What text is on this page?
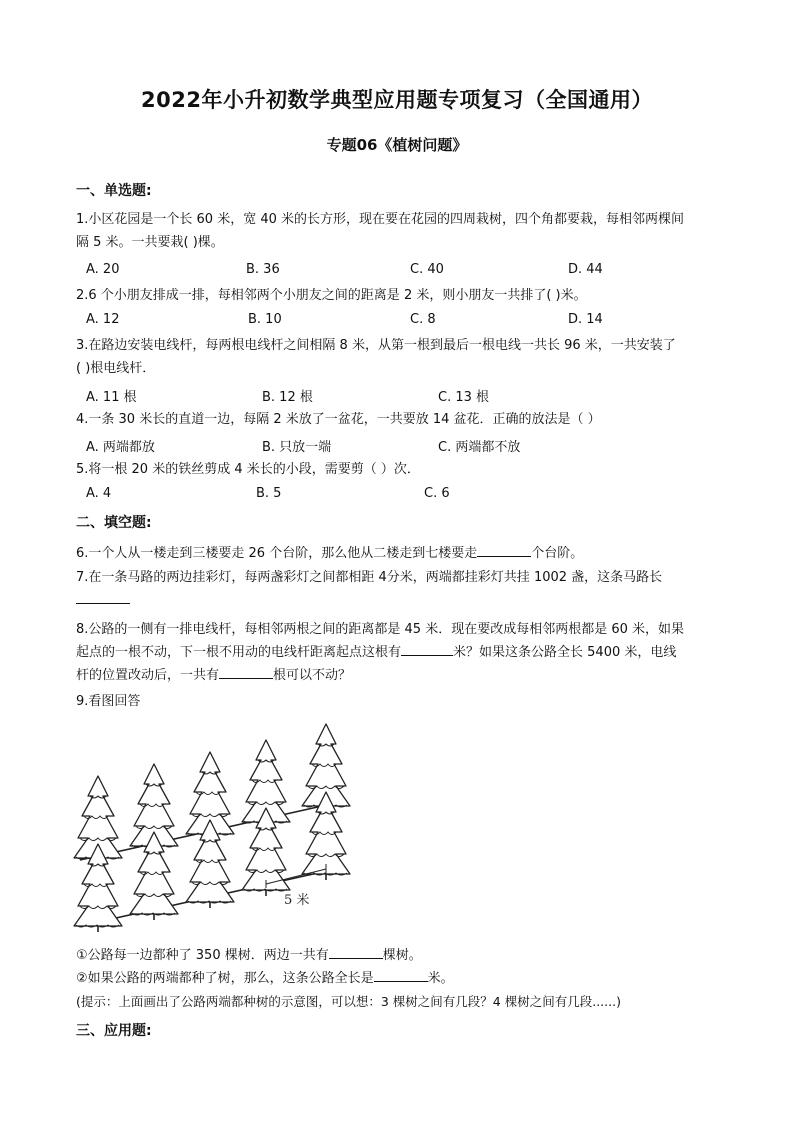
2022年小升初数学典型应用题专项复习（全国通用）
专题06《植树问题》
一、单选题:
1.小区花园是一个长 60 米，宽 40 米的长方形，现在要在花园的四周栽树，四个角都要栽，每相邻两棵间
隔 5 米。一共要栽( )棵。
A. 20	B. 36	C. 40	D. 44
2.6 个小朋友排成一排，每相邻两个小朋友之间的距离是 2 米，则小朋友一共排了( )米。
A. 12	B. 10	C. 8	D. 14
3.在路边安装电线杆，每两根电线杆之间相隔 8 米，从第一根到最后一根电线一共长 96 米，一共安装了
( )根电线杆．
A. 11 根	B. 12 根	C. 13 根
4.一条 30 米长的直道一边，每隔 2 米放了一盆花，一共要放 14 盆花．正确的放法是（ ）
A. 两端都放	B. 只放一端	C. 两端都不放
5.将一根 20 米的铁丝剪成 4 米长的小段，需要剪（ ）次．
A. 4	B. 5	C. 6
二、填空题:
6.一个人从一楼走到三楼要走 26 个台阶，那么他从二楼走到七楼要走	个台阶。
7.在一条马路的两边挂彩灯，每两盏彩灯之间都相距 4分米，两端都挂彩灯共挂 1002 盏，这条马路长
8.公路的一侧有一排电线杆，每相邻两根之间的距离都是 45 米．现在要改成每相邻两根都是 60 米，如果
起点的一根不动，下一根不用动的电线杆距离起点这根有	米？如果这条公路全长 5400 米，电线
杆的位置改动后，一共有	根可以不动？
9.看图回答
5 米
①公路每一边都种了 350 棵树．两边一共有	棵树。
②如果公路的两端都种了树，那么，这条公路全长是	米。
(提示：上面画出了公路两端都种树的示意图，可以想：3 棵树之间有几段？4 棵树之间有几段......)
三、应用题:
